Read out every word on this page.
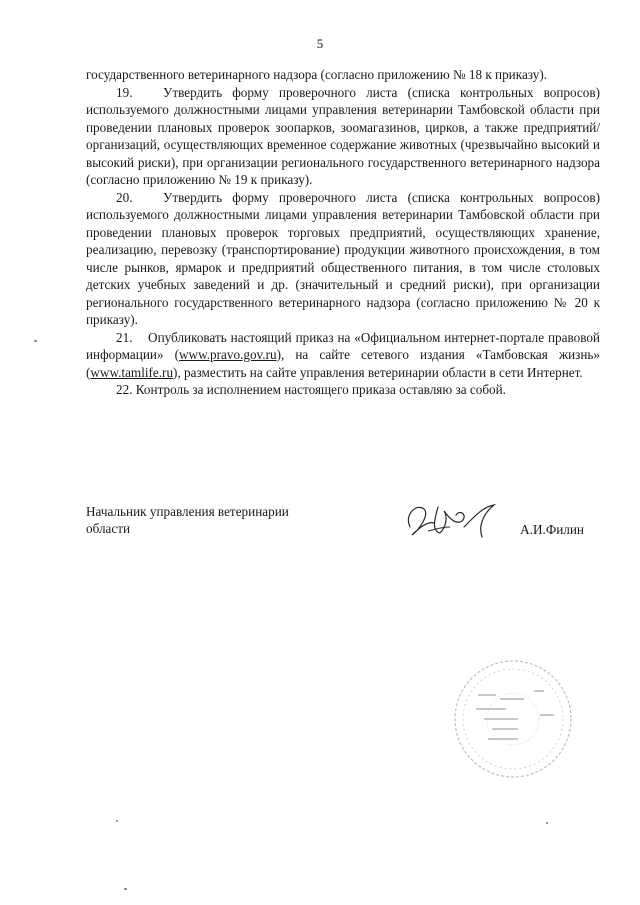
5

государственного ветеринарного надзора (согласно приложению № 18 к приказу).

19.   Утвердить форму проверочного листа (списка контрольных вопросов) используемого должностными лицами управления ветеринарии Тамбовской области при проведении плановых проверок зоопарков, зоомагазинов, цирков, а также предприятий/организаций, осуществляющих временное содержание животных (чрезвычайно высокий и высокий риски), при организации регионального государственного ветеринарного надзора (согласно приложению № 19 к приказу).

20.   Утвердить форму проверочного листа (списка контрольных вопросов) используемого должностными лицами управления ветеринарии Тамбовской области при проведении плановых проверок торговых предприятий, осуществляющих хранение, реализацию, перевозку (транспортирование) продукции животного происхождения, в том числе рынков, ярмарок и предприятий общественного питания, в том числе столовых детских учебных заведений и др. (значительный и средний риски), при организации регионального государственного ветеринарного надзора (согласно приложению № 20 к приказу).

21.    Опубликовать настоящий приказ на «Официальном интернет-портале правовой информации» (www.pravo.gov.ru), на сайте сетевого издания «Тамбовская жизнь» (www.tamlife.ru), разместить на сайте управления ветеринарии области в сети Интернет.

22. Контроль за исполнением настоящего приказа оставляю за собой.

Начальник управления ветеринарии области	А.И.Филин
